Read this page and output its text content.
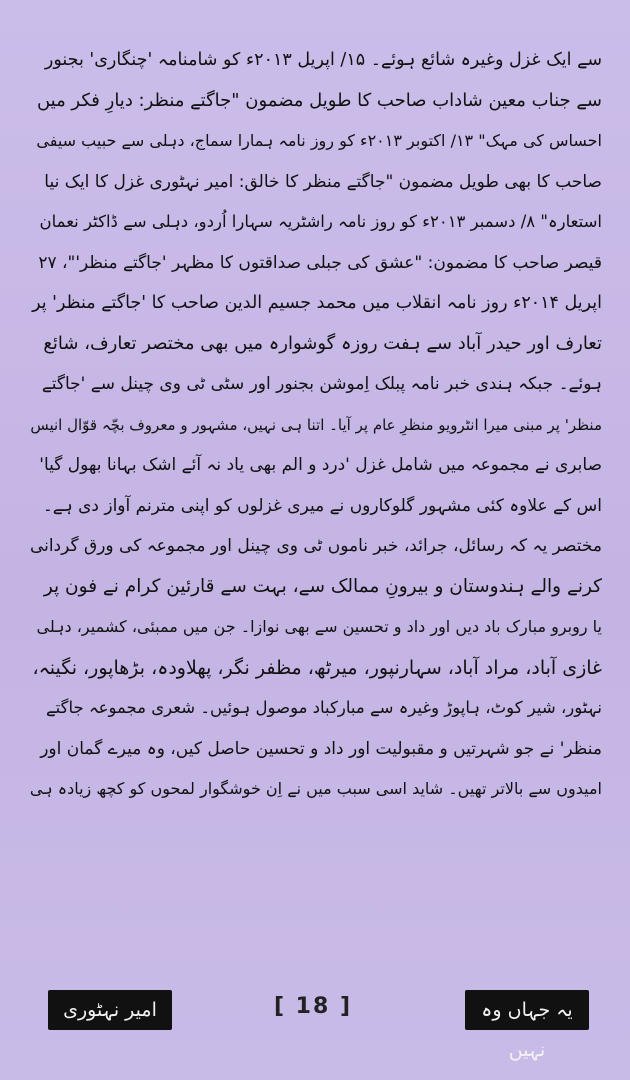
سے ایک غزل وغیرہ شائع ہوئے۔ ۱۵/ اپریل ۲۰۱۳ء کو شامنامہ 'چنگاری' بجنور
سے جناب معین شاداب صاحب کا طویل مضمون "جاگتے منظر: دیارِ فکر میں
احساس کی مہک" ۱۳/ اکتوبر ۲۰۱۳ء کو روز نامہ ہمارا سماج، دہلی سے حبیب سیفی
صاحب کا بھی طویل مضمون "جاگتے منظر کا خالق: امیر نہٹوری غزل کا ایک نیا
استعارہ" ۸/ دسمبر ۲۰۱۳ء کو روز نامہ راشٹریہ سہارا اُردو، دہلی سے ڈاکٹر نعمان
قیصر صاحب کا مضمون: "عشق کی جبلی صداقتوں کا مظہر 'جاگتے منظر'"، ۲۷
اپریل ۲۰۱۴ء روز نامہ انقلاب میں محمد جسیم الدین صاحب کا 'جاگتے منظر' پر
تعارف اور حیدر آباد سے ہفت روزہ گوشوارہ میں بھی مختصر تعارف، شائع
ہوئے۔ جبکہ ہندی خبر نامہ پبلک اِموشن بجنور اور سٹی ٹی وی چینل سے 'جاگتے
منظر' پر مبنی میرا انٹرویو منظرِ عام پر آیا۔ اتنا ہی نہیں، مشہور و معروف بچّہ قوّال انیس
صابری نے مجموعہ میں شامل غزل 'درد و الم بھی یاد نہ آئے اشک بہانا بھول گیا'
اس کے علاوہ کئی مشہور گلوکاروں نے میری غزلوں کو اپنی مترنم آواز دی ہے۔
مختصر یہ کہ رسائل، جرائد، خبر ناموں ٹی وی چینل اور مجموعہ کی ورق گردانی
کرنے والے ہندوستان و بیرونِ ممالک سے، بہت سے قارئین کرام نے فون پر
یا روبرو مبارک باد دیں اور داد و تحسین سے بھی نوازا۔ جن میں ممبئی، کشمیر، دہلی
غازی آباد، مراد آباد، سہارنپور، میرٹھ، مظفر نگر، پھلاودہ، بڑھاپور، نگینہ،
نہٹور، شیر کوٹ، ہاپوڑ وغیرہ سے مبارکباد موصول ہوئیں۔ شعری مجموعہ جاگتے
منظر' نے جو شہرتیں و مقبولیت اور داد و تحسین حاصل کیں، وہ میرے گمان اور
امیدوں سے بالاتر تھیں۔ شاید اسی سبب میں نے اِن خوشگوار لمحوں کو کچھ زیادہ ہی
امیر نہٹوری	[ 18 ]	یہ جہاں وہ نہیں
